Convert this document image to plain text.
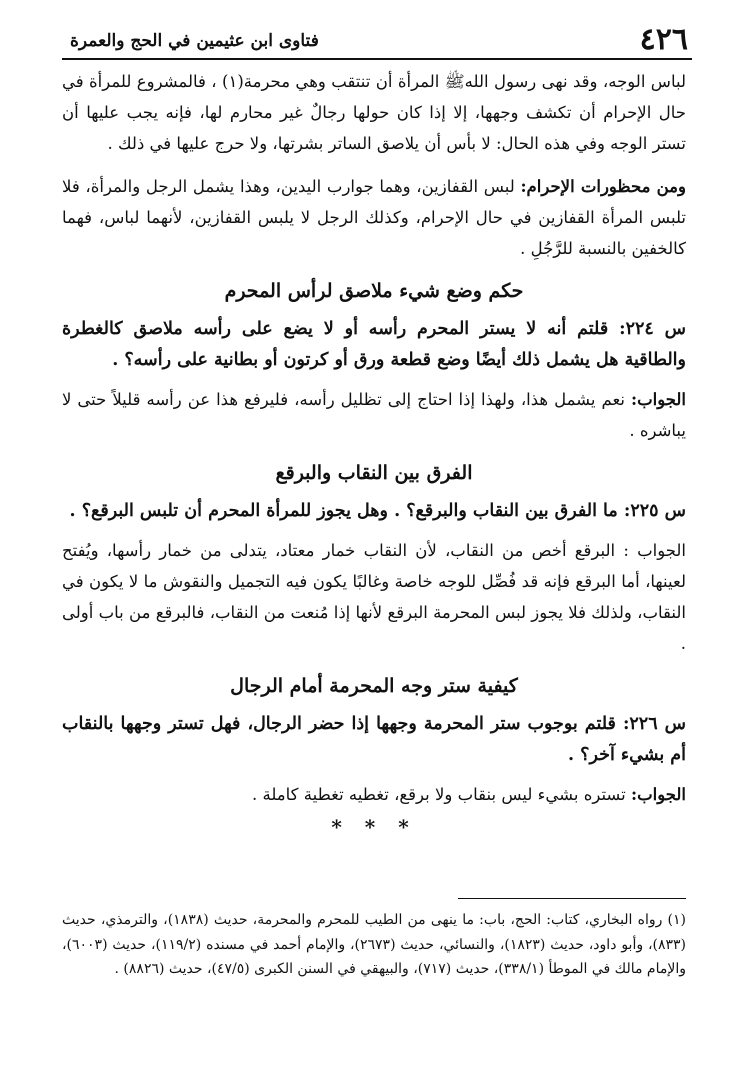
٤٢٦
فتاوى ابن عثيمين في الحج والعمرة

لباس الوجه، وقد نهى رسول اللهﷺ المرأة أن تنتقب وهي محرمة(١) ، فالمشروع للمرأة في حال الإحرام أن تكشف وجهها، إلا إذا كان حولها رجالٌ غير محارم لها، فإنه يجب عليها أن تستر الوجه وفي هذه الحال: لا بأس أن يلاصق الساتر بشرتها، ولا حرج عليها في ذلك .

ومن محظورات الإحرام: لبس القفازين، وهما جوارب اليدين، وهذا يشمل الرجل والمرأة، فلا تلبس المرأة القفازين في حال الإحرام، وكذلك الرجل لا يلبس القفازين، لأنهما لباس، فهما كالخفين بالنسبة للرَّجُلِ .

حكم وضع شيء ملاصق لرأس المحرم

س ٢٢٤: قلتم أنه لا يستر المحرم رأسه أو لا يضع على رأسه ملاصق كالغطرة والطاقية هل يشمل ذلك أيضًا وضع قطعة ورق أو كرتون أو بطانية على رأسه؟ .

الجواب: نعم يشمل هذا، ولهذا إذا احتاج إلى تظليل رأسه، فليرفع هذا عن رأسه قليلاً حتى لا يباشره .

الفرق بين النقاب والبرقع

س ٢٢٥: ما الفرق بين النقاب والبرقع؟ . وهل يجوز للمرأة المحرم أن تلبس البرقع؟ .

الجواب : البرقع أخص من النقاب، لأن النقاب خمار معتاد، يتدلى من خمار رأسها، ويُفتح لعينها، أما البرقع فإنه قد فُصِّل للوجه خاصة وغالبًا يكون فيه التجميل والنقوش ما لا يكون في النقاب، ولذلك فلا يجوز لبس المحرمة البرقع لأنها إذا مُنعت من النقاب، فالبرقع من باب أولى .

كيفية ستر وجه المحرمة أمام الرجال

س ٢٢٦: قلتم بوجوب ستر المحرمة وجهها إذا حضر الرجال، فهل تستر وجهها بالنقاب أم بشيء آخر؟ .

الجواب: تستره بشيء ليس بنقاب ولا برقع، تغطيه تغطية كاملة .

* * *

(١) رواه البخاري، كتاب: الحج، باب: ما ينهى من الطيب للمحرم والمحرمة، حديث (١٨٣٨)، والترمذي، حديث (٨٣٣)، وأبو داود، حديث (١٨٢٣)، والنسائي، حديث (٢٦٧٣)، والإمام أحمد في مسنده (١١٩/٢)، حديث (٦٠٠٣)، والإمام مالك في الموطأ (٣٣٨/١)، حديث (٧١٧)، والبيهقي في السنن الكبرى (٤٧/٥)، حديث (٨٨٢٦) .
